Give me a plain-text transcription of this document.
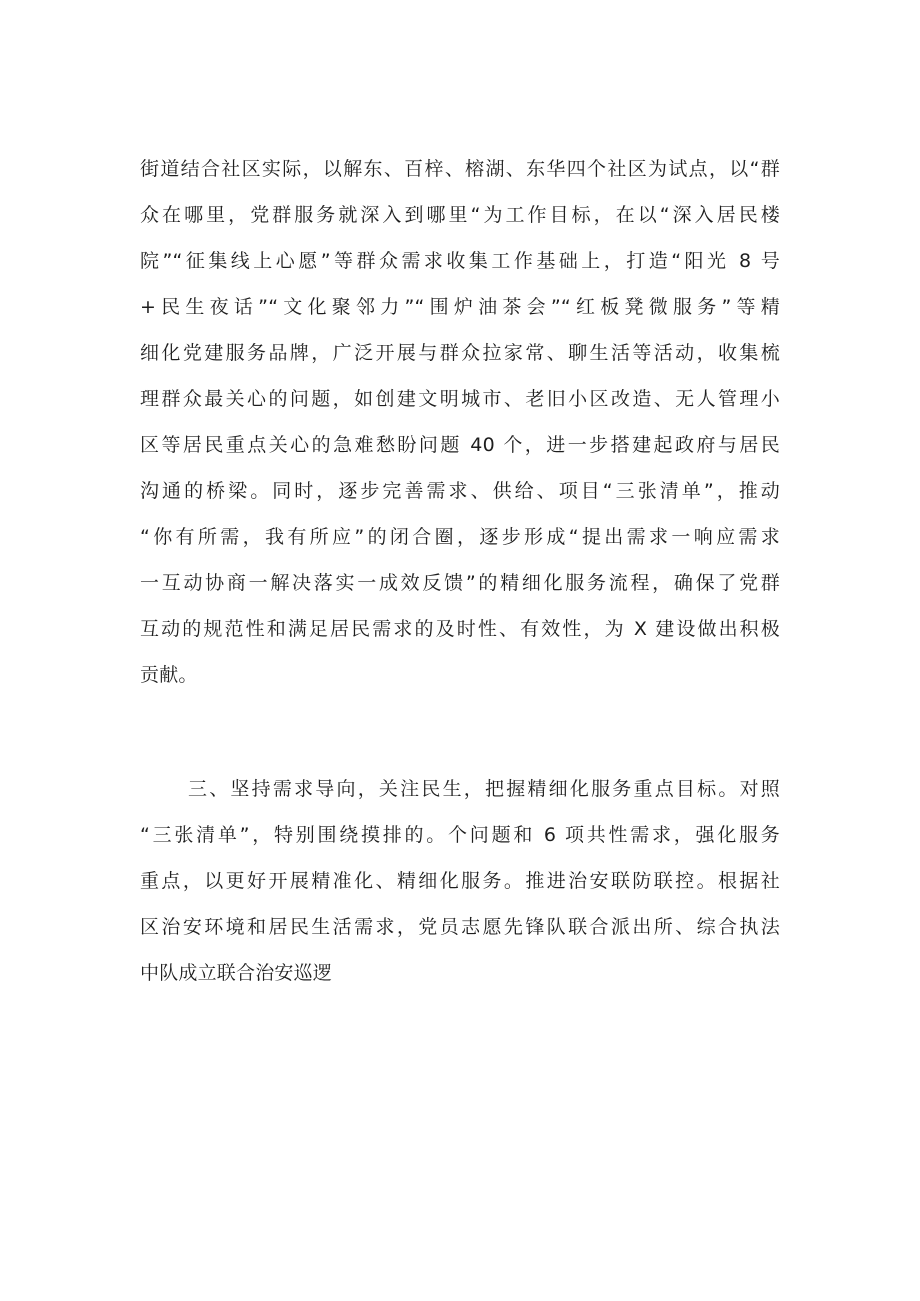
街道结合社区实际，以解东、百梓、榕湖、东华四个社区为试点，以“群
众在哪里，党群服务就深入到哪里“为工作目标，在以“深入居民楼
院”“征集线上心愿”等群众需求收集工作基础上，打造“阳光 8 号
+民生夜话”“文化聚邻力”“围炉油茶会”“红板凳微服务”等精
细化党建服务品牌，广泛开展与群众拉家常、聊生活等活动，收集梳
理群众最关心的问题，如创建文明城市、老旧小区改造、无人管理小
区等居民重点关心的急难愁盼问题 40 个，进一步搭建起政府与居民
沟通的桥梁。同时，逐步完善需求、供给、项目“三张清单”，推动
“你有所需，我有所应”的闭合圈，逐步形成“提出需求一响应需求
一互动协商一解决落实一成效反馈”的精细化服务流程，确保了党群
互动的规范性和满足居民需求的及时性、有效性，为 X 建设做出积极
贡献。
三、坚持需求导向，关注民生，把握精细化服务重点目标。对照
“三张清单”，特别围绕摸排的。个问题和 6 项共性需求，强化服务
重点，以更好开展精准化、精细化服务。推进治安联防联控。根据社
区治安环境和居民生活需求，党员志愿先锋队联合派出所、综合执法
中队成立联合治安巡逻
